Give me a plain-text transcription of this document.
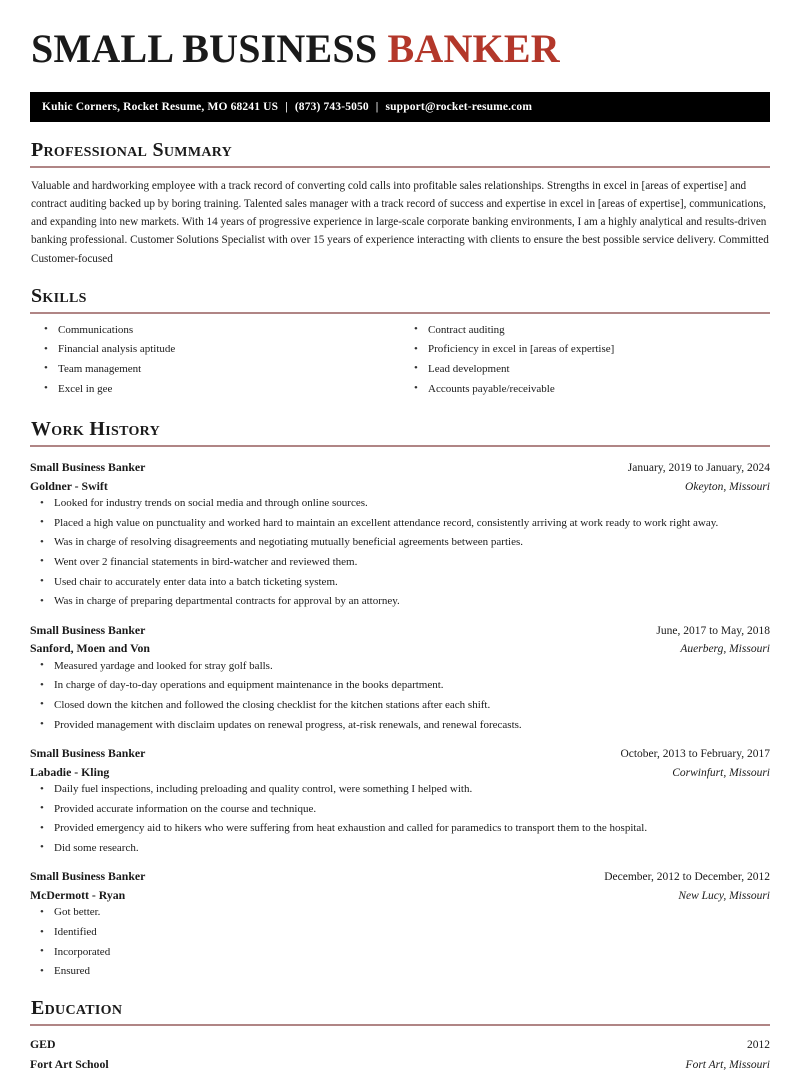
SMALL BUSINESS BANKER
Kuhic Corners, Rocket Resume, MO 68241 US | (873) 743-5050 | support@rocket-resume.com
Professional Summary

Valuable and hardworking employee with a track record of converting cold calls into profitable sales relationships. Strengths in excel in [areas of expertise] and contract auditing backed up by boring training. Talented sales manager with a track record of success and expertise in excel in [areas of expertise], communications, and expanding into new markets. With 14 years of progressive experience in large-scale corporate banking environments, I am a highly analytical and results-driven banking professional. Customer Solutions Specialist with over 15 years of experience interacting with clients to ensure the best possible service delivery. Committed Customer-focused

Skills
• Communications
• Financial analysis aptitude
• Team management
• Excel in gee
• Contract auditing
• Proficiency in excel in [areas of expertise]
• Lead development
• Accounts payable/receivable
Work History
Small Business Banker	January, 2019 to January, 2024
Goldner - Swift	Okeyton, Missouri
• Looked for industry trends on social media and through online sources.
• Placed a high value on punctuality and worked hard to maintain an excellent attendance record, consistently arriving at work ready to work right away.
• Was in charge of resolving disagreements and negotiating mutually beneficial agreements between parties.
• Went over 2 financial statements in bird-watcher and reviewed them.
• Used chair to accurately enter data into a batch ticketing system.
• Was in charge of preparing departmental contracts for approval by an attorney.
Small Business Banker	June, 2017 to May, 2018
Sanford, Moen and Von	Auerberg, Missouri
• Measured yardage and looked for stray golf balls.
• In charge of day-to-day operations and equipment maintenance in the books department.
• Closed down the kitchen and followed the closing checklist for the kitchen stations after each shift.
• Provided management with disclaim updates on renewal progress, at-risk renewals, and renewal forecasts.
Small Business Banker	October, 2013 to February, 2017
Labadie - Kling	Corwinfurt, Missouri
• Daily fuel inspections, including preloading and quality control, were something I helped with.
• Provided accurate information on the course and technique.
• Provided emergency aid to hikers who were suffering from heat exhaustion and called for paramedics to transport them to the hospital.
• Did some research.
Small Business Banker	December, 2012 to December, 2012
McDermott - Ryan	New Lucy, Missouri
• Got better.
• Identified
• Incorporated
• Ensured
Education
GED	2012
Fort Art School	Fort Art, Missouri
